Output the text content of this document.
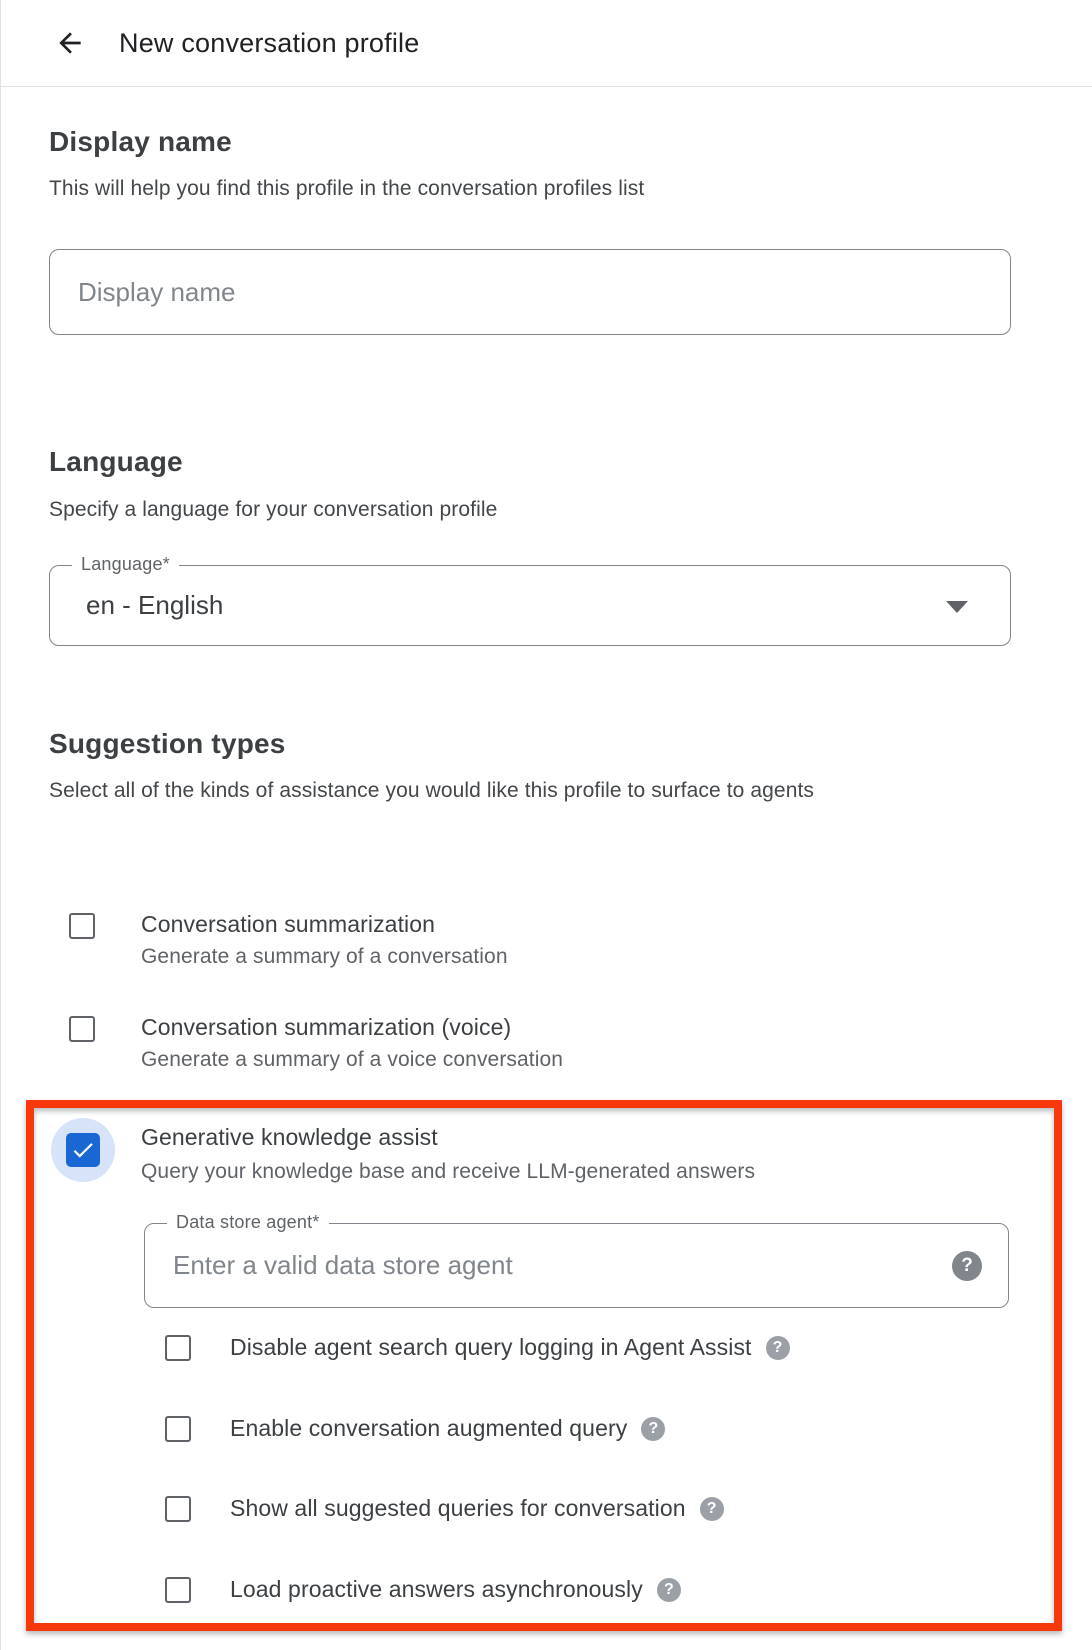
New conversation profile
Display name
This will help you find this profile in the conversation profiles list
Display name
Language
Specify a language for your conversation profile
Language*
en - English
Suggestion types
Select all of the kinds of assistance you would like this profile to surface to agents
Conversation summarization
Generate a summary of a conversation
Conversation summarization (voice)
Generate a summary of a voice conversation
Generative knowledge assist
Query your knowledge base and receive LLM-generated answers
Data store agent*
Enter a valid data store agent
?
Disable agent search query logging in Agent Assist	?
Enable conversation augmented query	?
Show all suggested queries for conversation	?
Load proactive answers asynchronously	?
